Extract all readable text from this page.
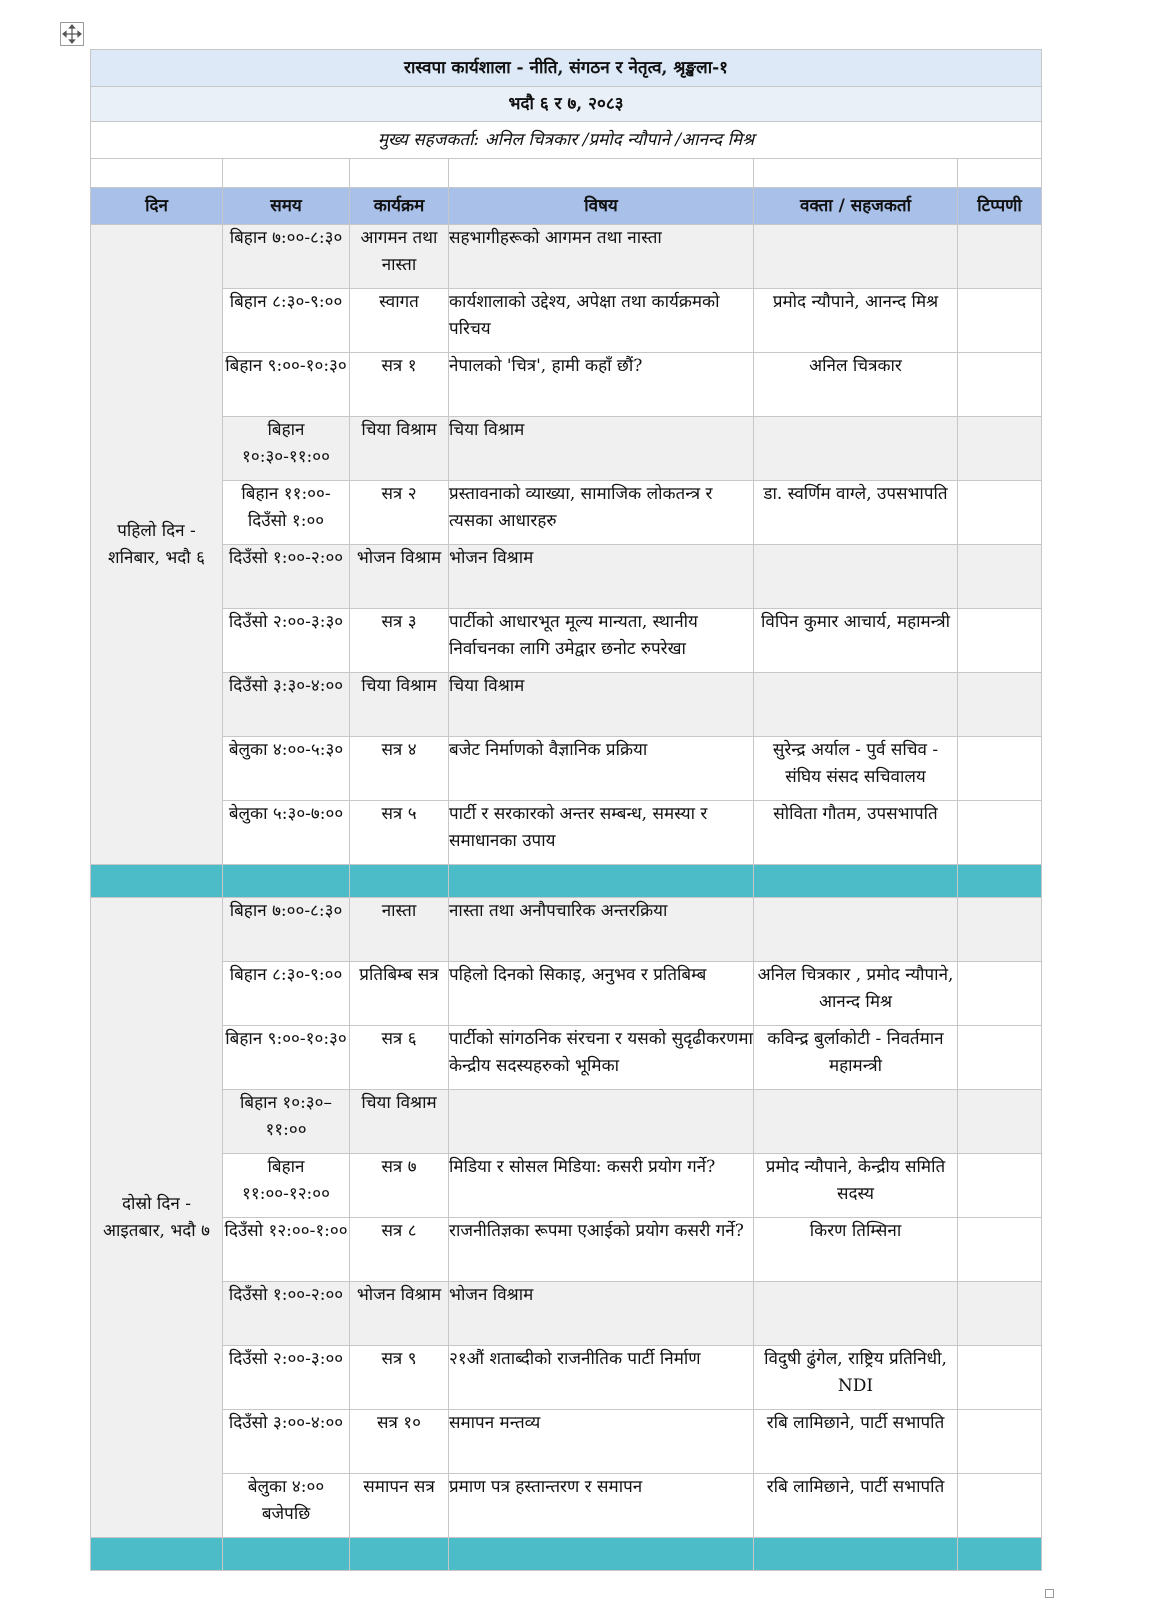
रास्वपा कार्यशाला - नीति, संगठन र नेतृत्व, श्रृङ्खला-१					
भदौ ६ र ७, २०८३					
मुख्य सहजकर्ता: अनिल चित्रकार /प्रमोद न्यौपाने /आनन्द मिश्र					

दिन	समय	कार्यक्रम	विषय	वक्ता / सहजकर्ता	टिप्पणी
पहिलो दिन - शनिबार, भदौ ६	बिहान ७:००-८:३०	आगमन तथा नास्ता	सहभागीहरूको आगमन तथा नास्ता		
	बिहान ८:३०-९:००	स्वागत	कार्यशालाको उद्देश्य, अपेक्षा तथा कार्यक्रमको परिचय	प्रमोद न्यौपाने, आनन्द मिश्र	
	बिहान ९:००-१०:३०	सत्र १	नेपालको 'चित्र', हामी कहाँ छौं?	अनिल चित्रकार	
	बिहान १०:३०-११:००	चिया विश्राम	चिया विश्राम		
	बिहान ११:००-दिउँसो १:००	सत्र २	प्रस्तावनाको व्याख्या, सामाजिक लोकतन्त्र र त्यसका आधारहरु	डा. स्वर्णिम वाग्ले, उपसभापति	
	दिउँसो १:००-२:००	भोजन विश्राम	भोजन विश्राम		
	दिउँसो २:००-३:३०	सत्र ३	पार्टीको आधारभूत मूल्य मान्यता, स्थानीय निर्वाचनका लागि उमेद्वार छनोट रुपरेखा	विपिन कुमार आचार्य, महामन्त्री	
	दिउँसो ३:३०-४:००	चिया विश्राम	चिया विश्राम		
	बेलुका ४:००-५:३०	सत्र ४	बजेट निर्माणको वैज्ञानिक प्रक्रिया	सुरेन्द्र अर्याल - पुर्व सचिव - संघिय संसद सचिवालय	
	बेलुका ५:३०-७:००	सत्र ५	पार्टी र सरकारको अन्तर सम्बन्ध, समस्या र समाधानका उपाय	सोविता गौतम, उपसभापति	

दोस्रो दिन - आइतबार, भदौ ७	बिहान ७:००-८:३०	नास्ता	नास्ता तथा अनौपचारिक अन्तरक्रिया		
	बिहान ८:३०-९:००	प्रतिबिम्ब सत्र	पहिलो दिनको सिकाइ, अनुभव र प्रतिबिम्ब	अनिल चित्रकार , प्रमोद न्यौपाने, आनन्द मिश्र	
	बिहान ९:००-१०:३०	सत्र ६	पार्टीको सांगठनिक संरचना र यसको सुदृढीकरणमा केन्द्रीय सदस्यहरुको भूमिका	कविन्द्र बुर्लाकोटी - निवर्तमान महामन्त्री	
	बिहान १०:३०–११:००	चिया विश्राम			
	बिहान ११:००-१२:००	सत्र ७	मिडिया र सोसल मिडिया: कसरी प्रयोग गर्ने?	प्रमोद न्यौपाने, केन्द्रीय समिति सदस्य	
	दिउँसो १२:००-१:००	सत्र ८	राजनीतिज्ञका रूपमा एआईको प्रयोग कसरी गर्ने?	किरण तिम्सिना	
	दिउँसो १:००-२:००	भोजन विश्राम	भोजन विश्राम		
	दिउँसो २:००-३:००	सत्र ९	२१औं शताब्दीको राजनीतिक पार्टी निर्माण	विदुषी ढुंगेल, राष्ट्रिय प्रतिनिधी, NDI	
	दिउँसो ३:००-४:००	सत्र १०	समापन मन्तव्य	रबि लामिछाने, पार्टी सभापति	
	बेलुका ४:०० बजेपछि	समापन सत्र	प्रमाण पत्र हस्तान्तरण र समापन	रबि लामिछाने, पार्टी सभापति	
